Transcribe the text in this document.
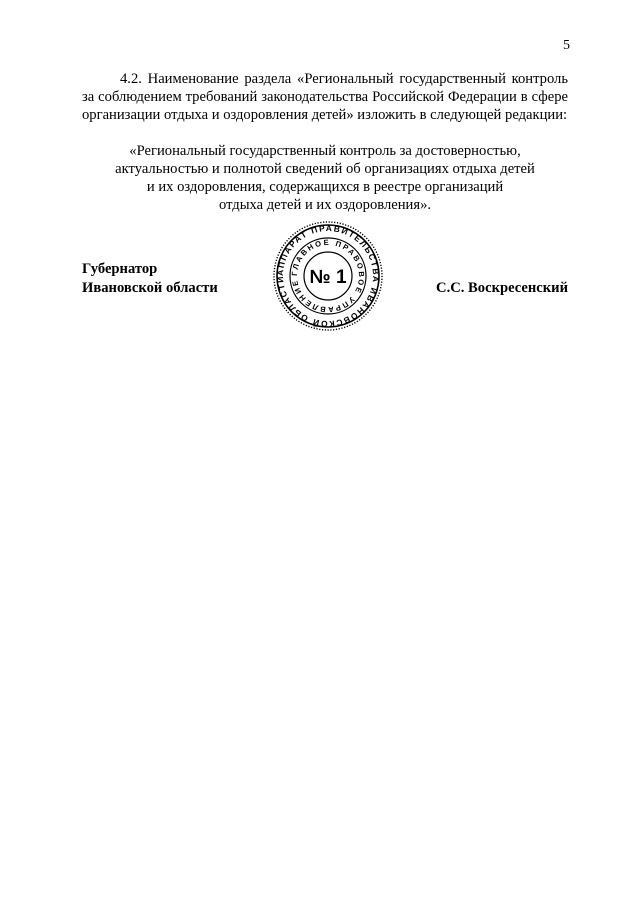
5
4.2. Наименование раздела «Региональный государственный контроль за соблюдением требований законодательства Российской Федерации в сфере организации отдыха и оздоровления детей» изложить в следующей редакции:
«Региональный государственный контроль за достоверностью,
актуальностью и полнотой сведений об организациях отдыха детей
и их оздоровления, содержащихся в реестре организаций
отдыха детей и их оздоровления».
Губернатор
Ивановской области	С.С. Воскресенский
АППАРАТ ПРАВИТЕЛЬСТВА ИВАНОВСКОЙ ОБЛАСТИ
ГЛАВНОЕ ПРАВОВОЕ УПРАВЛЕНИЕ № 1
